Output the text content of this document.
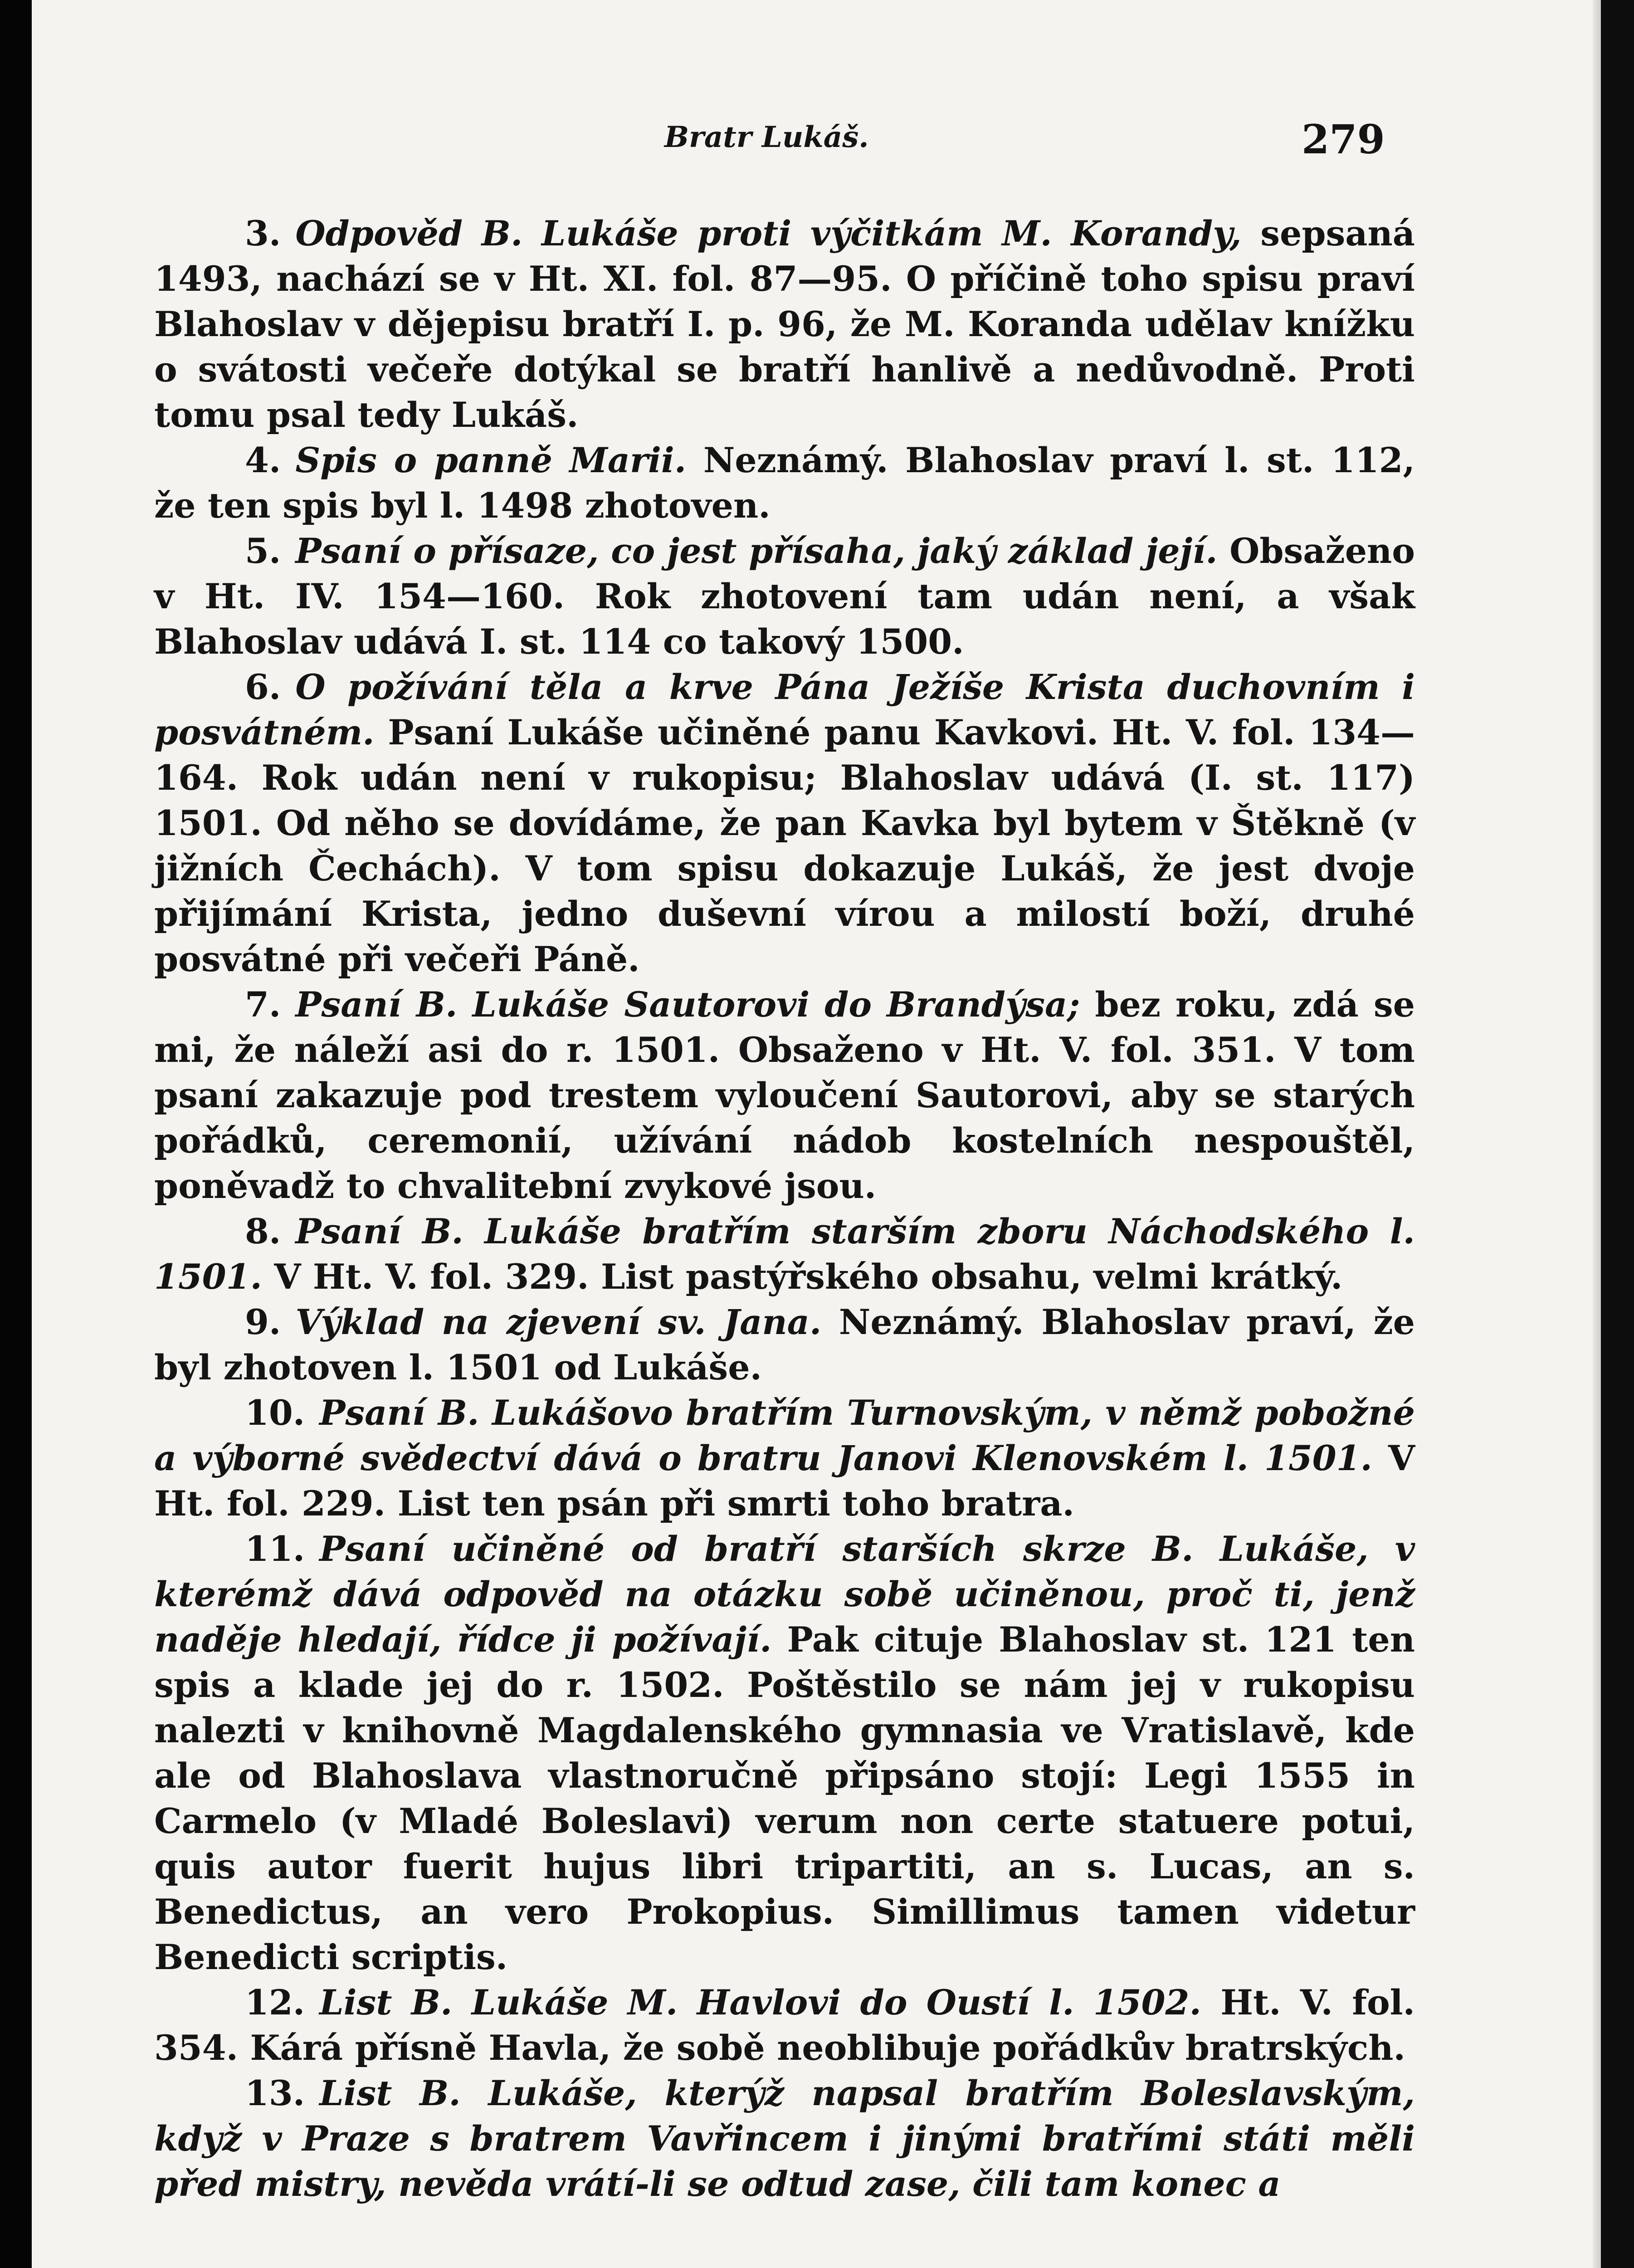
Bratr Lukáš.	279

3. Odpověd B. Lukáše proti výčitkám M. Korandy, sepsaná 1493, nachází se v Ht. XI. fol. 87—95. O příčině toho spisu praví Blahoslav v dějepisu bratří I. p. 96, že M. Koranda udělav knížku o svátosti večeře dotýkal se bratří hanlivě a nedůvodně. Proti tomu psal tedy Lukáš.

4. Spis o panně Marii. Neznámý. Blahoslav praví l. st. 112, že ten spis byl l. 1498 zhotoven.

5. Psaní o přísaze, co jest přísaha, jaký základ její. Obsaženo v Ht. IV. 154—160. Rok zhotovení tam udán není, a však Blahoslav udává I. st. 114 co takový 1500.

6. O požívání těla a krve Pána Ježíše Krista duchovním i posvátném. Psaní Lukáše učiněné panu Kavkovi. Ht. V. fol. 134—164. Rok udán není v rukopisu; Blahoslav udává (I. st. 117) 1501. Od něho se dovídáme, že pan Kavka byl bytem v Štěkně (v jižních Čechách). V tom spisu dokazuje Lukáš, že jest dvoje přijímání Krista, jedno duševní vírou a milostí boží, druhé posvátné při večeři Páně.

7. Psaní B. Lukáše Sautorovi do Brandýsa; bez roku, zdá se mi, že náleží asi do r. 1501. Obsaženo v Ht. V. fol. 351. V tom psaní zakazuje pod trestem vyloučení Sautorovi, aby se starých pořádků, ceremonií, užívání nádob kostelních nespouštěl, poněvadž to chvalitební zvykové jsou.

8. Psaní B. Lukáše bratřím starším zboru Náchodského l. 1501. V Ht. V. fol. 329. List pastýřského obsahu, velmi krátký.

9. Výklad na zjevení sv. Jana. Neznámý. Blahoslav praví, že byl zhotoven l. 1501 od Lukáše.

10. Psaní B. Lukášovo bratřím Turnovským, v němž pobožné a výborné svědectví dává o bratru Janovi Klenovském l. 1501. V Ht. fol. 229. List ten psán při smrti toho bratra.

11. Psaní učiněné od bratří starších skrze B. Lukáše, v kterémž dává odpověd na otázku sobě učiněnou, proč ti, jenž naděje hledají, řídce ji požívají. Pak cituje Blahoslav st. 121 ten spis a klade jej do r. 1502. Poštěstilo se nám jej v rukopisu nalezti v knihovně Magdalenského gymnasia ve Vratislavě, kde ale od Blahoslava vlastnoručně připsáno stojí: Legi 1555 in Carmelo (v Mladé Boleslavi) verum non certe statuere potui, quis autor fuerit hujus libri tripartiti, an s. Lucas, an s. Benedictus, an vero Prokopius. Simillimus tamen videtur Benedicti scriptis.

12. List B. Lukáše M. Havlovi do Oustí l. 1502. Ht. V. fol. 354. Kárá přísně Havla, že sobě neoblibuje pořádkův bratrských.

13. List B. Lukáše, kterýž napsal bratřím Boleslavským, když v Praze s bratrem Vavřincem i jinými bratřími státi měli před mistry, nevěda vrátí-li se odtud zase, čili tam konec a
